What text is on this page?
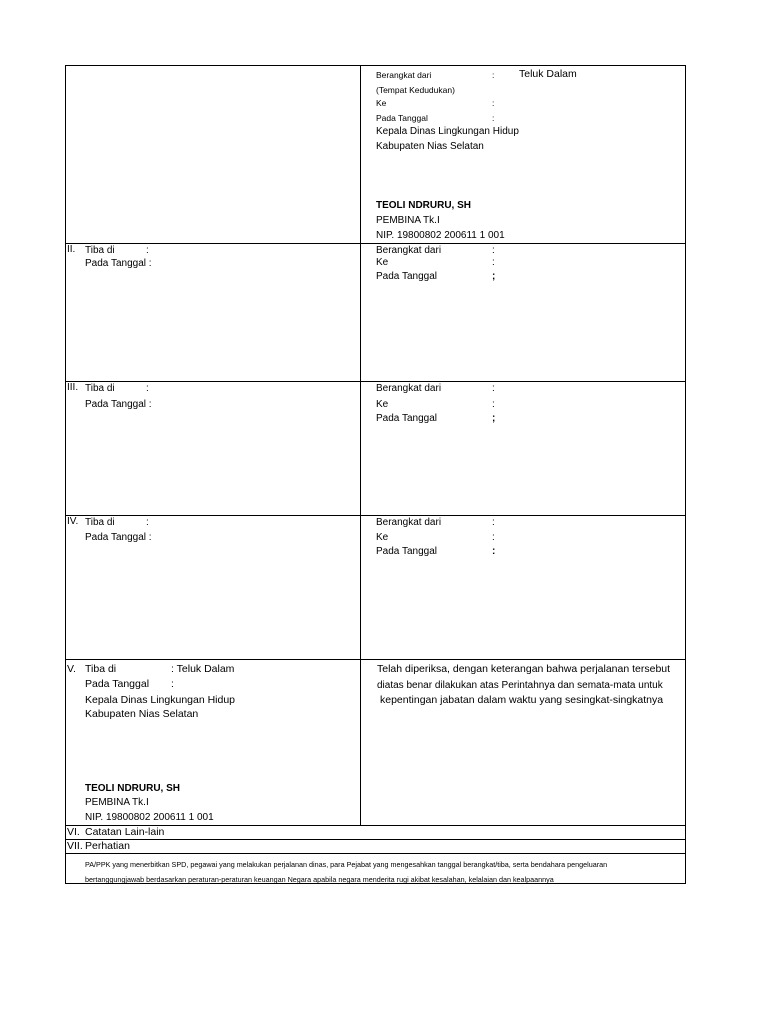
Berangkat dari	: Teluk Dalam
(Tempat Kedudukan)
Ke	:
Pada Tanggal	:
Kepala Dinas Lingkungan Hidup
Kabupaten Nias Selatan
TEOLI NDRURU, SH
PEMBINA Tk.I
NIP. 19800802 200611 1 001
II. Tiba di	:
Pada Tanggal :
Berangkat dari	:
Ke	:
Pada Tanggal	;
III. Tiba di	:
Pada Tanggal :
Berangkat dari	:
Ke	:
Pada Tanggal	;
IV. Tiba di	:
Pada Tanggal :
Berangkat dari	:
Ke	:
Pada Tanggal	:
V. Tiba di	: Teluk Dalam
Pada Tanggal :
Kepala Dinas Lingkungan Hidup
Kabupaten Nias Selatan
TEOLI NDRURU, SH
PEMBINA Tk.I
NIP. 19800802 200611 1 001
Telah diperiksa, dengan keterangan bahwa perjalanan tersebut
diatas benar dilakukan atas Perintahnya dan semata-mata untuk
kepentingan jabatan dalam waktu yang sesingkat-singkatnya
VI. Catatan Lain-lain
VII. Perhatian
PA/PPK yang menerbitkan SPD, pegawai yang melakukan perjalanan dinas, para Pejabat yang mengesahkan tanggal berangkat/tiba, serta bendahara pengeluaran
bertanggungjawab berdasarkan peraturan-peraturan keuangan Negara apabila negara menderita rugi akibat kesalahan, kelalaian dan kealpaannya
